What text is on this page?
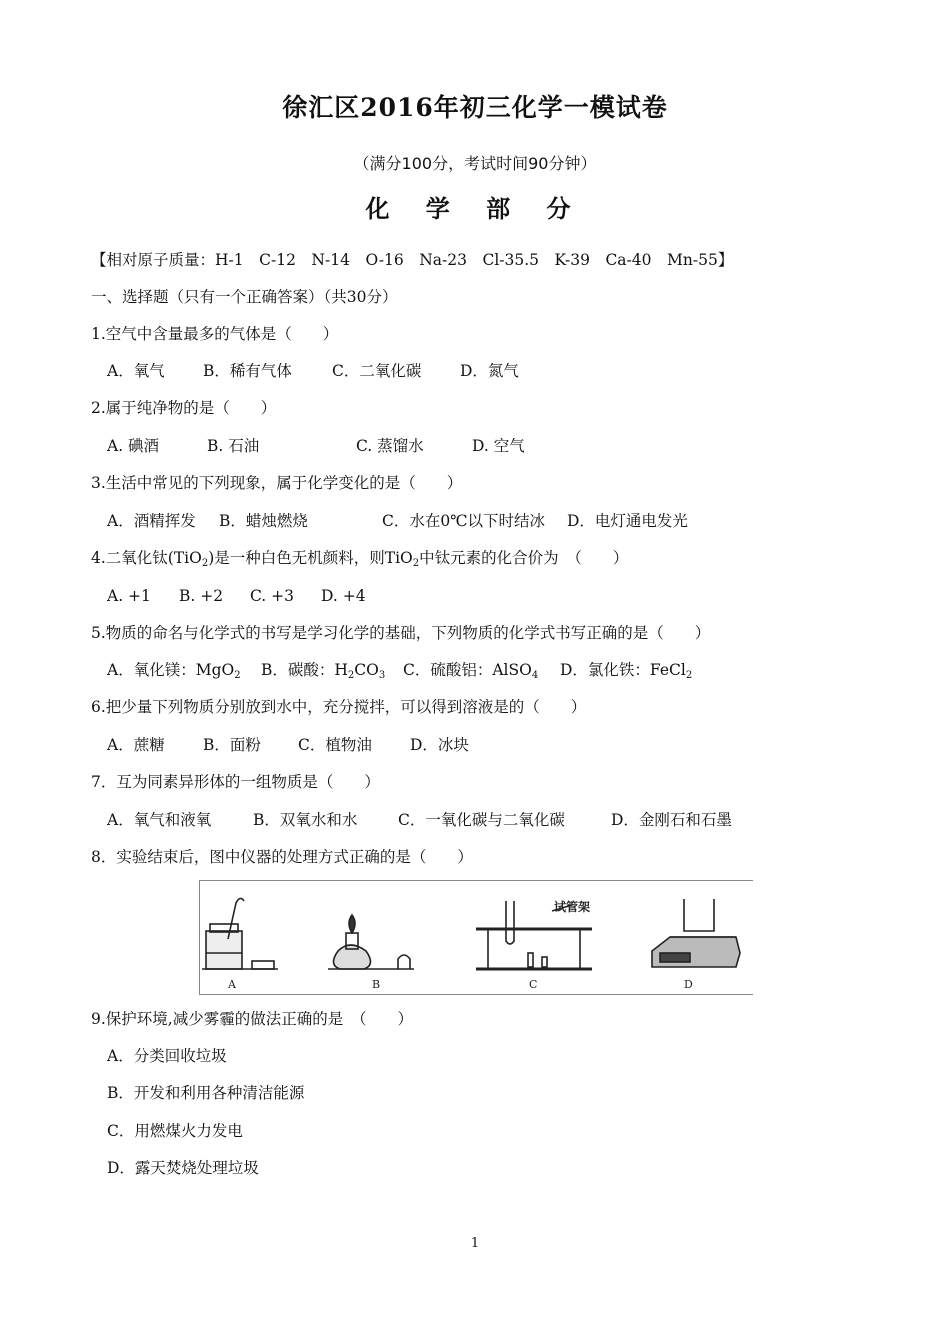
徐汇区2016年初三化学一模试卷
（满分100分，考试时间90分钟）
化 学 部 分
【相对原子质量：H-1　C-12　N-14　O-16　Na-23　Cl-35.5　K-39　Ca-40　Mn-55】
一、选择题（只有一个正确答案）（共30分）
1.空气中含量最多的气体是（　　）
A．氧气 B．稀有气体	C．二氧化碳 D．氮气
2.属于纯净物的是（　　）
A. 碘酒	B. 石油	C. 蒸馏水	D. 空气
3.生活中常见的下列现象，属于化学变化的是（　　）
A．酒精挥发 B．蜡烛燃烧	C．水在0℃以下时结冰 D．电灯通电发光
4.二氧化钛(TiO$_2$)是一种白色无机颜料，则TiO$_2$中钛元素的化合价为　（　　）
A. +1 B. +2 C. +3 D. +4
5.物质的命名与化学式的书写是学习化学的基础，下列物质的化学式书写正确的是（　　）
A．氧化镁：MgO$_2$ B．碳酸：$H_2CO_3$ C．硫酸铝：AlSO$_4$ D．氯化铁：FeCl$_2$
6.把少量下列物质分别放到水中，充分搅拌，可以得到溶液是的（　　）
A．蔗糖 B．面粉 C．植物油 D．冰块
7．互为同素异形体的一组物质是（　　）
A．氧气和液氧	B．双氧水和水	C．一氧化碳与二氧化碳	D．金刚石和石墨
8．实验结束后，图中仪器的处理方式正确的是（　　）
A	B	C	D
试管架
9.保护环境,减少雾霾的做法正确的是　（　　）
A．分类回收垃圾
B．开发和利用各种清洁能源
C．用燃煤火力发电
D．露天焚烧处理垃圾
1
